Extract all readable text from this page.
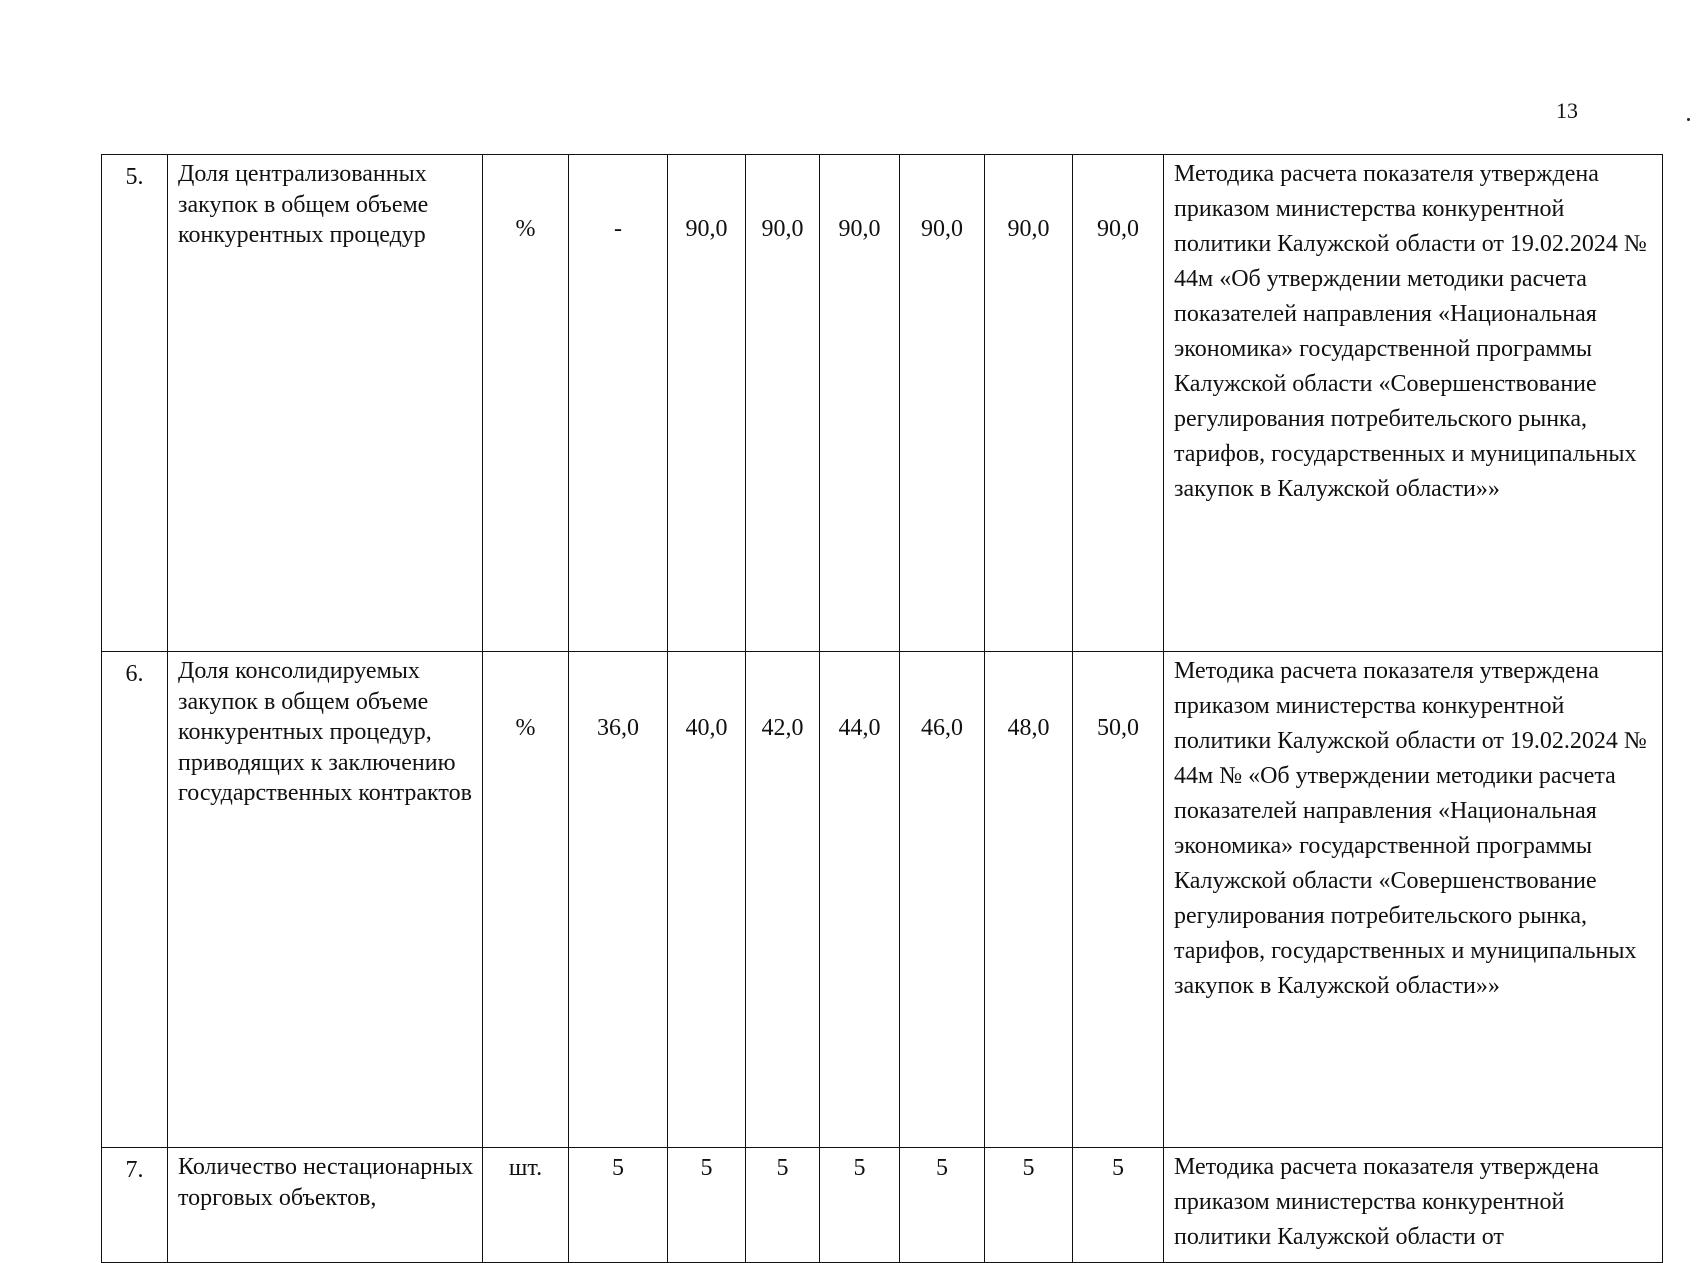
13
5.	Доля централизованных закупок в общем объеме конкурентных процедур	%	-	90,0	90,0	90,0	90,0	90,0	90,0	Методика расчета показателя утверждена приказом министерства конкурентной политики Калужской области от 19.02.2024 № 44м «Об утверждении методики расчета показателей направления «Национальная экономика» государственной программы Калужской области «Совершенствование регулирования потребительского рынка, тарифов, государственных и муниципальных закупок в Калужской области»»
6.	Доля консолидируемых закупок в общем объеме конкурентных процедур, приводящих к заключению государственных контрактов	%	36,0	40,0	42,0	44,0	46,0	48,0	50,0	Методика расчета показателя утверждена приказом министерства конкурентной политики Калужской области от 19.02.2024 № 44м № «Об утверждении методики расчета показателей направления «Национальная экономика» государственной программы Калужской области «Совершенствование регулирования потребительского рынка, тарифов, государственных и муниципальных закупок в Калужской области»»
7.	Количество нестационарных торговых объектов,	шт.	5	5	5	5	5	5	5	Методика расчета показателя утверждена приказом министерства конкурентной политики Калужской области от
